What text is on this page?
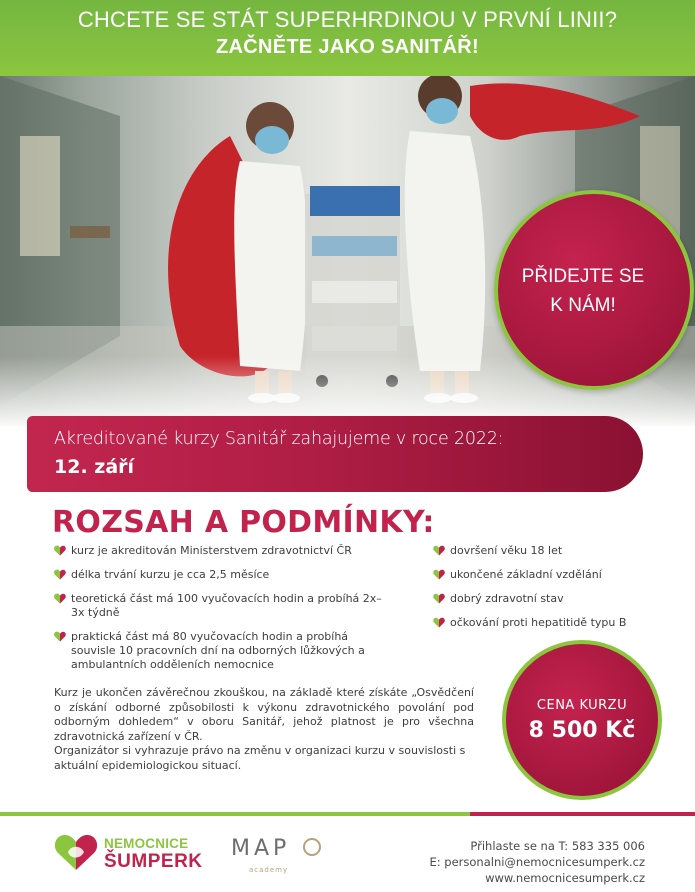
CHCETE SE STÁT SUPERHRDINOU V PRVNÍ LINII?
ZAČNĚTE JAKO SANITÁŘ!
PŘIDEJTE SE
K NÁM!
Akreditované kurzy Sanitář zahajujeme v roce 2022:
12. září
ROZSAH A PODMÍNKY:
kurz je akreditován Ministerstvem zdravotnictví ČR
délka trvání kurzu je cca 2,5 měsíce
teoretická část má 100 vyučovacích hodin a probíhá 2x–3x týdně
praktická část má 80 vyučovacích hodin a probíhá souvisle 10 pracovních dní na odborných lůžkových a ambulantních odděleních nemocnice
dovršení věku 18 let
ukončené základní vzdělání
dobrý zdravotní stav
očkování proti hepatitidě typu B
Kurz je ukončen závěrečnou zkouškou, na základě které získáte „Osvědčení o získání odborné způsobilosti k výkonu zdravotnického povolání pod odborným dohledem“ v oboru Sanitář, jehož platnost je pro všechna zdravotnická zařízení v ČR.
Organizátor si vyhrazuje právo na změnu v organizaci kurzu v souvislosti s aktuální epidemiologickou situací.
CENA KURZU
8 500 Kč
NEMOCNICE
ŠUMPERK
MAP
academy
Přihlaste se na T: 583 335 006
E: personalni@nemocnicesumperk.cz
www.nemocnicesumperk.cz
